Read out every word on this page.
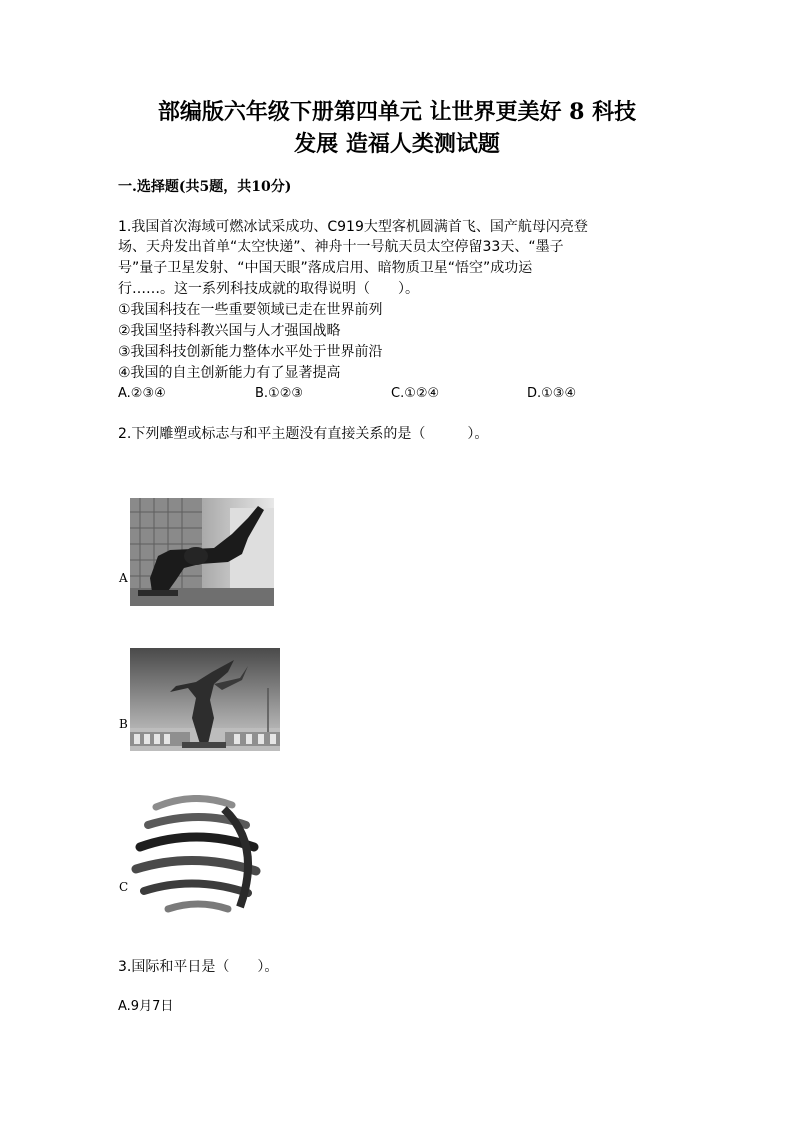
部编版六年级下册第四单元 让世界更美好 8 科技
发展 造福人类测试题
一.选择题(共5题，共10分)
1.我国首次海域可燃冰试采成功、C919大型客机圆满首飞、国产航母闪亮登
场、天舟发出首单“太空快递”、神舟十一号航天员太空停留33天、“墨子
号”量子卫星发射、“中国天眼”落成启用、暗物质卫星“悟空”成功运
行……。这一系列科技成就的取得说明（　　）。
①我国科技在一些重要领域已走在世界前列
②我国坚持科教兴国与人才强国战略
③我国科技创新能力整体水平处于世界前沿
④我国的自主创新能力有了显著提高
A.②③④	B.①②③	C.①②④	D.①③④
2.下列雕塑或标志与和平主题没有直接关系的是（　　　）。
A
B
C
3.国际和平日是（　　）。
A.9月7日
